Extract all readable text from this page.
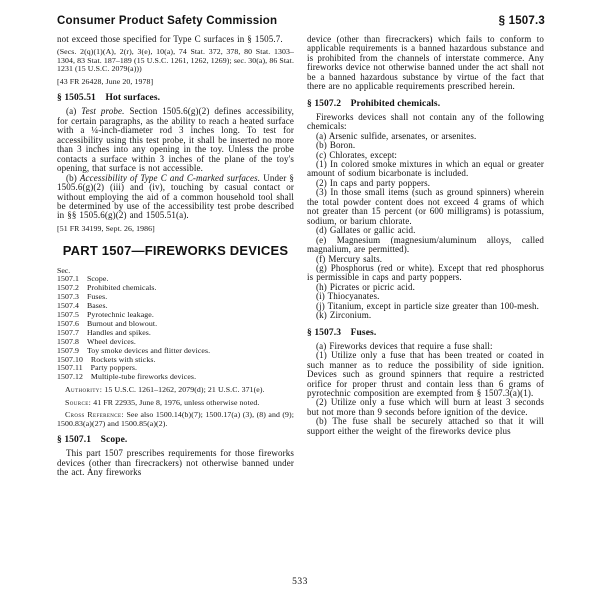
Consumer Product Safety Commission	§ 1507.3
not exceed those specified for Type C surfaces in § 1505.7.
(Secs. 2(q)(1)(A), 2(r), 3(e), 10(a), 74 Stat. 372, 378, 80 Stat. 1303–1304, 83 Stat. 187–189 (15 U.S.C. 1261, 1262, 1269); sec. 30(a), 86 Stat. 1231 (15 U.S.C. 2079(a)))
[43 FR 26428, June 20, 1978]
§ 1505.51 Hot surfaces.
(a) Test probe. Section 1505.6(g)(2) defines accessibility, for certain paragraphs, as the ability to reach a heated surface with a ¼-inch-diameter rod 3 inches long. To test for accessibility using this test probe, it shall be inserted no more than 3 inches into any opening in the toy. Unless the probe contacts a surface within 3 inches of the plane of the toy's opening, that surface is not accessible.
(b) Accessibility of Type C and C-marked surfaces. Under § 1505.6(g)(2) (iii) and (iv), touching by casual contact or without employing the aid of a common household tool shall be determined by use of the accessibility test probe described in §§ 1505.6(g)(2) and 1505.51(a).
[51 FR 34199, Sept. 26, 1986]
PART 1507—FIREWORKS DEVICES
Sec.
1507.1 Scope.
1507.2 Prohibited chemicals.
1507.3 Fuses.
1507.4 Bases.
1507.5 Pyrotechnic leakage.
1507.6 Burnout and blowout.
1507.7 Handles and spikes.
1507.8 Wheel devices.
1507.9 Toy smoke devices and flitter devices.
1507.10 Rockets with sticks.
1507.11 Party poppers.
1507.12 Multiple-tube fireworks devices.
Authority: 15 U.S.C. 1261–1262, 2079(d); 21 U.S.C. 371(e).
Source: 41 FR 22935, June 8, 1976, unless otherwise noted.
Cross Reference: See also 1500.14(b)(7); 1500.17(a) (3), (8) and (9); 1500.83(a)(27) and 1500.85(a)(2).
§ 1507.1 Scope.
This part 1507 prescribes requirements for those fireworks devices (other than firecrackers) not otherwise banned under the act. Any fireworks
device (other than firecrackers) which fails to conform to applicable requirements is a banned hazardous substance and is prohibited from the channels of interstate commerce. Any fireworks device not otherwise banned under the act shall not be a banned hazardous substance by virtue of the fact that there are no applicable requirements prescribed herein.
§ 1507.2 Prohibited chemicals.
Fireworks devices shall not contain any of the following chemicals:
(a) Arsenic sulfide, arsenates, or arsenites.
(b) Boron.
(c) Chlorates, except:
(1) In colored smoke mixtures in which an equal or greater amount of sodium bicarbonate is included.
(2) In caps and party poppers.
(3) In those small items (such as ground spinners) wherein the total powder content does not exceed 4 grams of which not greater than 15 percent (or 600 milligrams) is potassium, sodium, or barium chlorate.
(d) Gallates or gallic acid.
(e) Magnesium (magnesium/aluminum alloys, called magnalium, are permitted).
(f) Mercury salts.
(g) Phosphorus (red or white). Except that red phosphorus is permissible in caps and party poppers.
(h) Picrates or picric acid.
(i) Thiocyanates.
(j) Titanium, except in particle size greater than 100-mesh.
(k) Zirconium.
§ 1507.3 Fuses.
(a) Fireworks devices that require a fuse shall:
(1) Utilize only a fuse that has been treated or coated in such manner as to reduce the possibility of side ignition. Devices such as ground spinners that require a restricted orifice for proper thrust and contain less than 6 grams of pyrotechnic composition are exempted from § 1507.3(a)(1).
(2) Utilize only a fuse which will burn at least 3 seconds but not more than 9 seconds before ignition of the device.
(b) The fuse shall be securely attached so that it will support either the weight of the fireworks device plus
533
